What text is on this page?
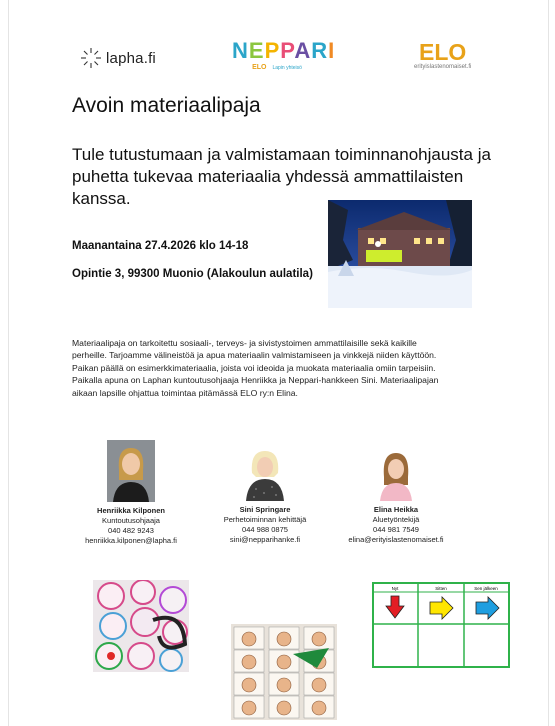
lapha.fi	NEPPARI
ELO Lapin yhteisö
ELO
erityislastenomaiset.fi
Avoin materiaalipaja

Tule tutustumaan ja valmistamaan toiminnanohjausta ja puhetta tukevaa materiaalia yhdessä ammattilaisten kanssa.

Maanantaina 27.4.2026 klo 14-18
Opintie 3, 99300 Muonio (Alakoulun aulatila)

Materiaalipaja on tarkoitettu sosiaali-, terveys- ja sivistystoimen ammattilaisille sekä kaikille
perheille. Tarjoamme välineistöä ja apua materiaalin valmistamiseen ja vinkkejä niiden käyttöön.
Paikan päällä on esimerkkimateriaalia, joista voi ideoida ja muokata materiaalia omiin tarpeisiin.
Paikalla apuna on Laphan kuntoutusohjaaja Henriikka ja Neppari-hankkeen Sini. Materiaalipajan
aikaan lapsille ohjattua toimintaa pitämässä ELO ry:n Elina.

Henriikka Kilponen
Kuntoutusohjaaja
040 482 9243
henriikka.kilponen@lapha.fi
Sini Springare
Perhetoiminnan kehittäjä
044 988 0875
sini@nepparihanke.fi
Elina Heikka
Aluetyöntekijä
044 981 7549
elina@erityislastenomaiset.fi
Nyt	Sitten	Sen jälkeen
